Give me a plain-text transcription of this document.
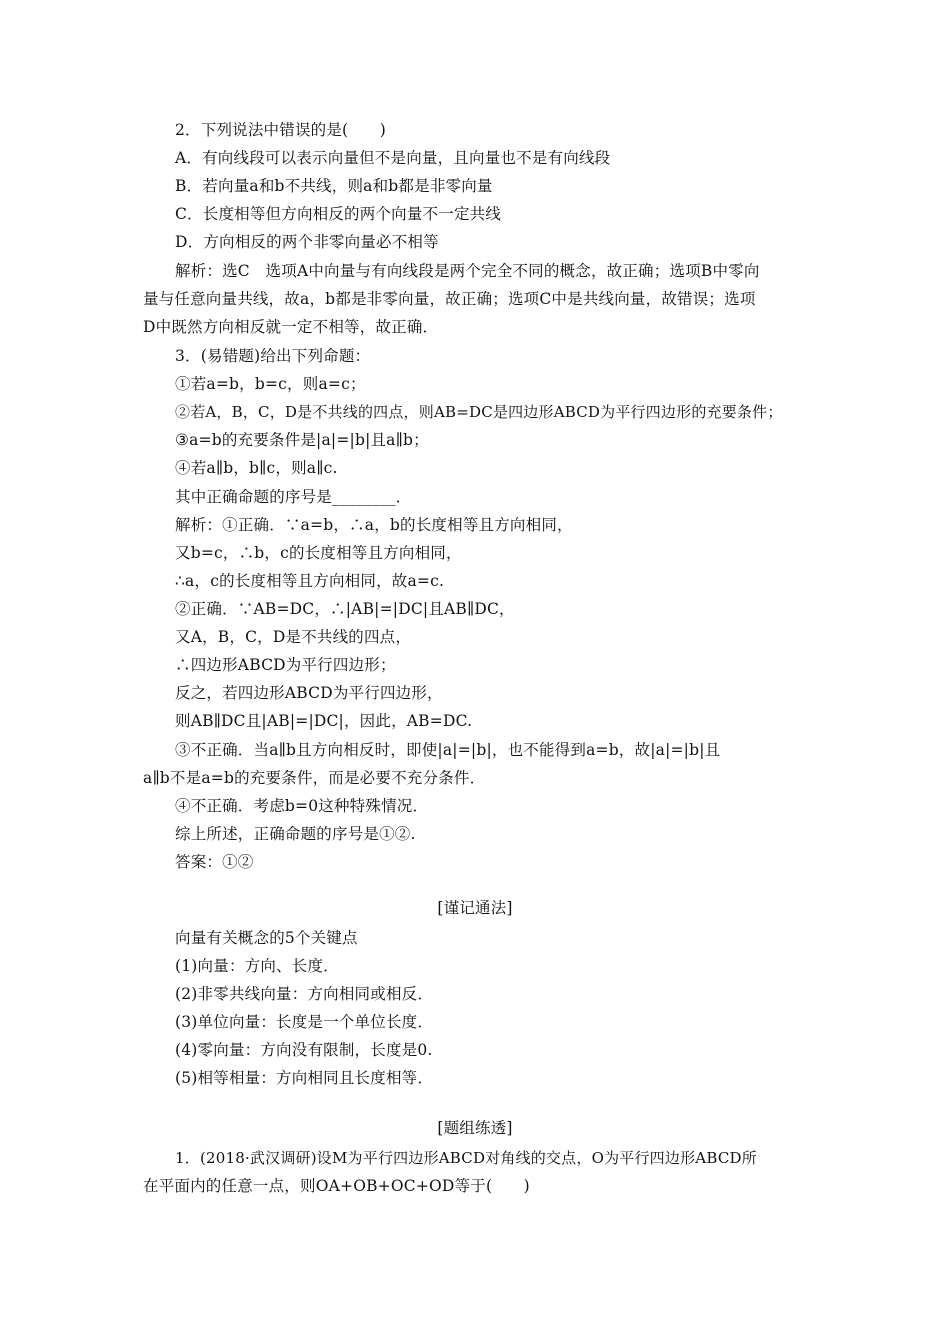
2．下列说法中错误的是(　　)
A．有向线段可以表示向量但不是向量，且向量也不是有向线段
B．若向量a和b不共线，则a和b都是非零向量
C．长度相等但方向相反的两个向量不一定共线
D．方向相反的两个非零向量必不相等
解析：选C　选项A中向量与有向线段是两个完全不同的概念，故正确；选项B中零向
量与任意向量共线，故a，b都是非零向量，故正确；选项C中是共线向量，故错误；选项
D中既然方向相反就一定不相等，故正确．
3．(易错题)给出下列命题：
①若a=b，b=c，则a=c；
②若A，B，C，D是不共线的四点，则AB=DC是四边形ABCD为平行四边形的充要条件；
③a=b的充要条件是|a|=|b|且a∥b；
④若a∥b，b∥c，则a∥c.
其中正确命题的序号是________．
解析：①正确．∵a=b，∴a，b的长度相等且方向相同，
又b=c，∴b，c的长度相等且方向相同，
∴a，c的长度相等且方向相同，故a=c.
②正确．∵AB=DC，∴|AB|=|DC|且AB∥DC，
又A，B，C，D是不共线的四点，
∴四边形ABCD为平行四边形；
反之，若四边形ABCD为平行四边形，
则AB∥DC且|AB|=|DC|，因此，AB=DC.
③不正确．当a∥b且方向相反时，即使|a|=|b|，也不能得到a=b，故|a|=|b|且
a∥b不是a=b的充要条件，而是必要不充分条件．
④不正确．考虑b=0这种特殊情况．
综上所述，正确命题的序号是①②.
答案：①②
[谨记通法]
向量有关概念的5个关键点
(1)向量：方向、长度．
(2)非零共线向量：方向相同或相反．
(3)单位向量：长度是一个单位长度．
(4)零向量：方向没有限制，长度是0.
(5)相等相量：方向相同且长度相等．
[题组练透]
1．(2018·武汉调研)设M为平行四边形ABCD对角线的交点，O为平行四边形ABCD所
在平面内的任意一点，则OA+OB+OC+OD等于(　　)
